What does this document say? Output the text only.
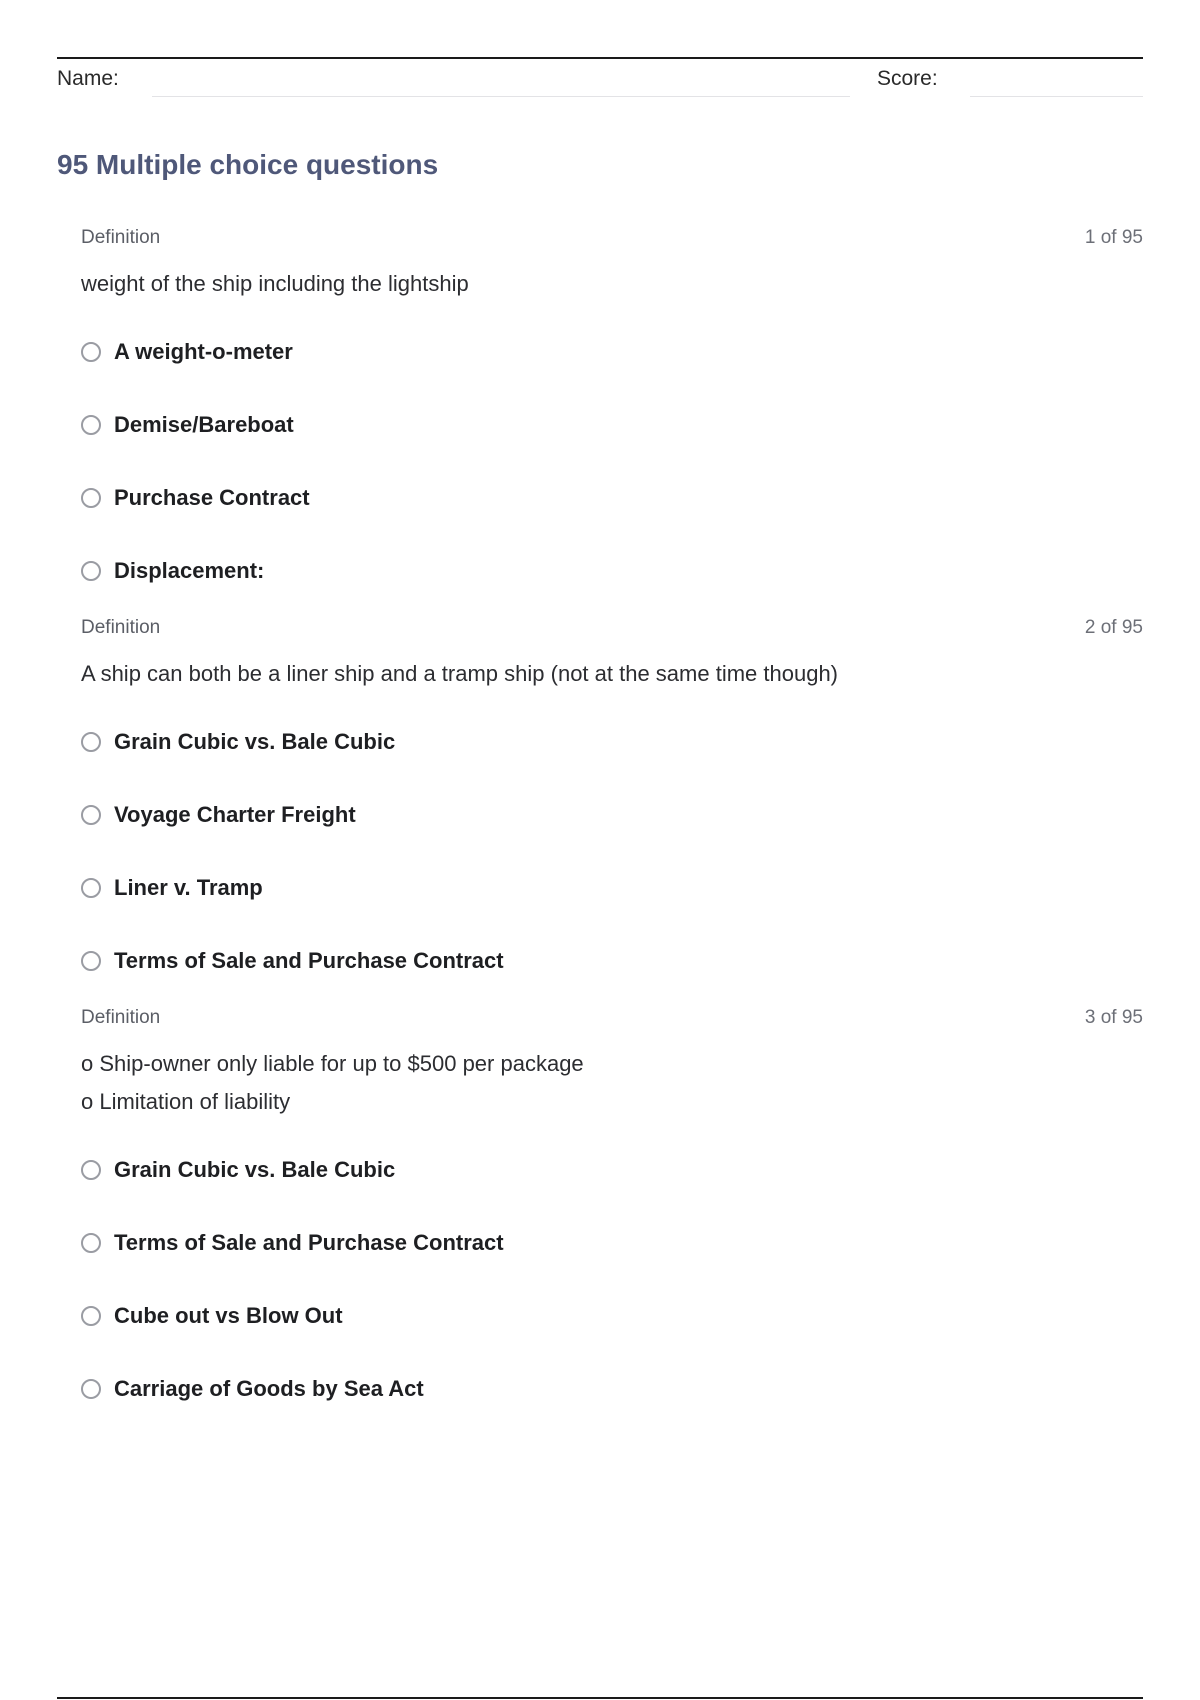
Name:	Score:
95 Multiple choice questions
Definition	1 of 95
weight of the ship including the lightship
A weight-o-meter
Demise/Bareboat
Purchase Contract
Displacement:
Definition	2 of 95
A ship can both be a liner ship and a tramp ship (not at the same time though)
Grain Cubic vs. Bale Cubic
Voyage Charter Freight
Liner v. Tramp
Terms of Sale and Purchase Contract
Definition	3 of 95
o Ship-owner only liable for up to $500 per package
o Limitation of liability
Grain Cubic vs. Bale Cubic
Terms of Sale and Purchase Contract
Cube out vs Blow Out
Carriage of Goods by Sea Act
